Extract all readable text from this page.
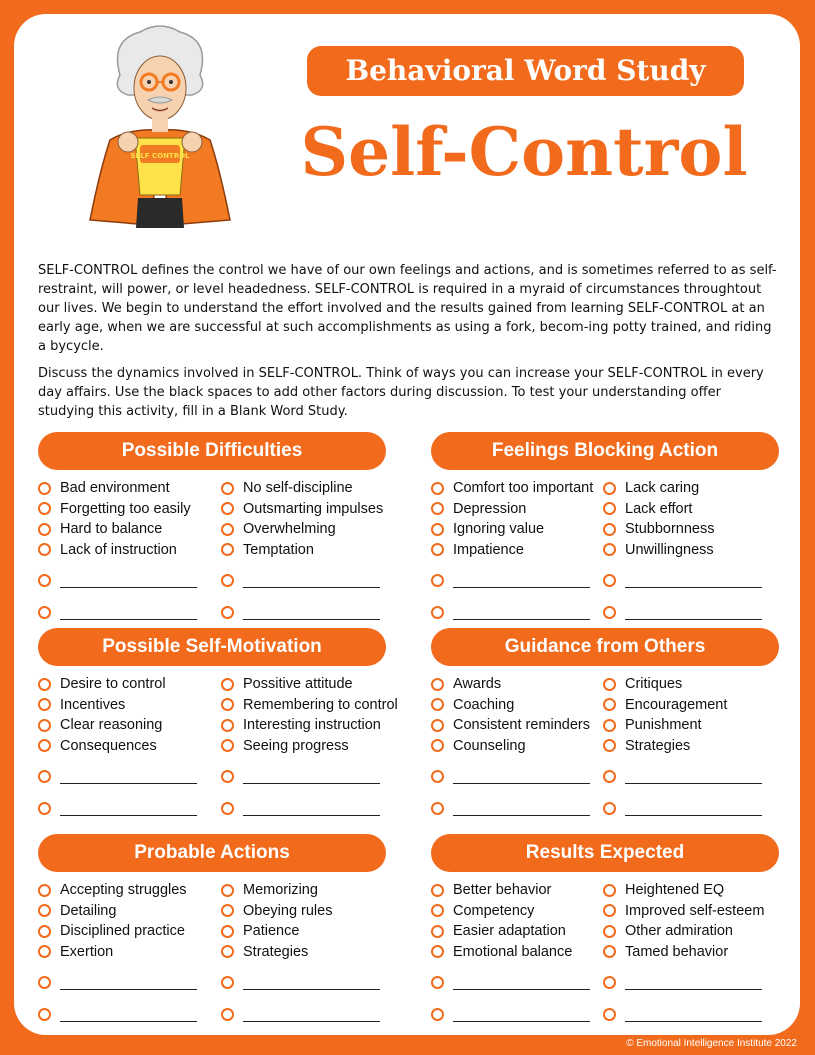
SELF CONTROL
Behavioral Word Study
Self-Control

SELF-CONTROL defines the control we have of our own feelings and actions, and is sometimes referred to as self-restraint, will power, or level headedness. SELF-CONTROL is required in a myraid of circumstances throughtout our lives. We begin to understand the effort involved and the results gained from learning SELF-CONTROL at an early age, when we are successful at such accomplishments as using a fork, becom-ing potty trained, and riding a bycycle.

Discuss the dynamics involved in SELF-CONTROL. Think of ways you can increase your SELF-CONTROL in every day affairs. Use the black spaces to add other factors during discussion. To test your understanding offer studying this activity, fill in a Blank Word Study.

Possible Difficulties
Bad environment
Forgetting too easily
Hard to balance
Lack of instruction
No self-discipline
Outsmarting impulses
Overwhelming
Temptation
Feelings Blocking Action
Comfort too important
Depression
Ignoring value
Impatience
Lack caring
Lack effort
Stubbornness
Unwillingness
Possible Self-Motivation
Desire to control
Incentives
Clear reasoning
Consequences
Possitive attitude
Remembering to control
Interesting instruction
Seeing progress
Guidance from Others
Awards
Coaching
Consistent reminders
Counseling
Critiques
Encouragement
Punishment
Strategies
Probable Actions
Accepting struggles
Detailing
Disciplined practice
Exertion
Memorizing
Obeying rules
Patience
Strategies
Results Expected
Better behavior
Competency
Easier adaptation
Emotional balance
Heightened EQ
Improved self-esteem
Other admiration
Tamed behavior
© Emotional Intelligence Institute 2022
